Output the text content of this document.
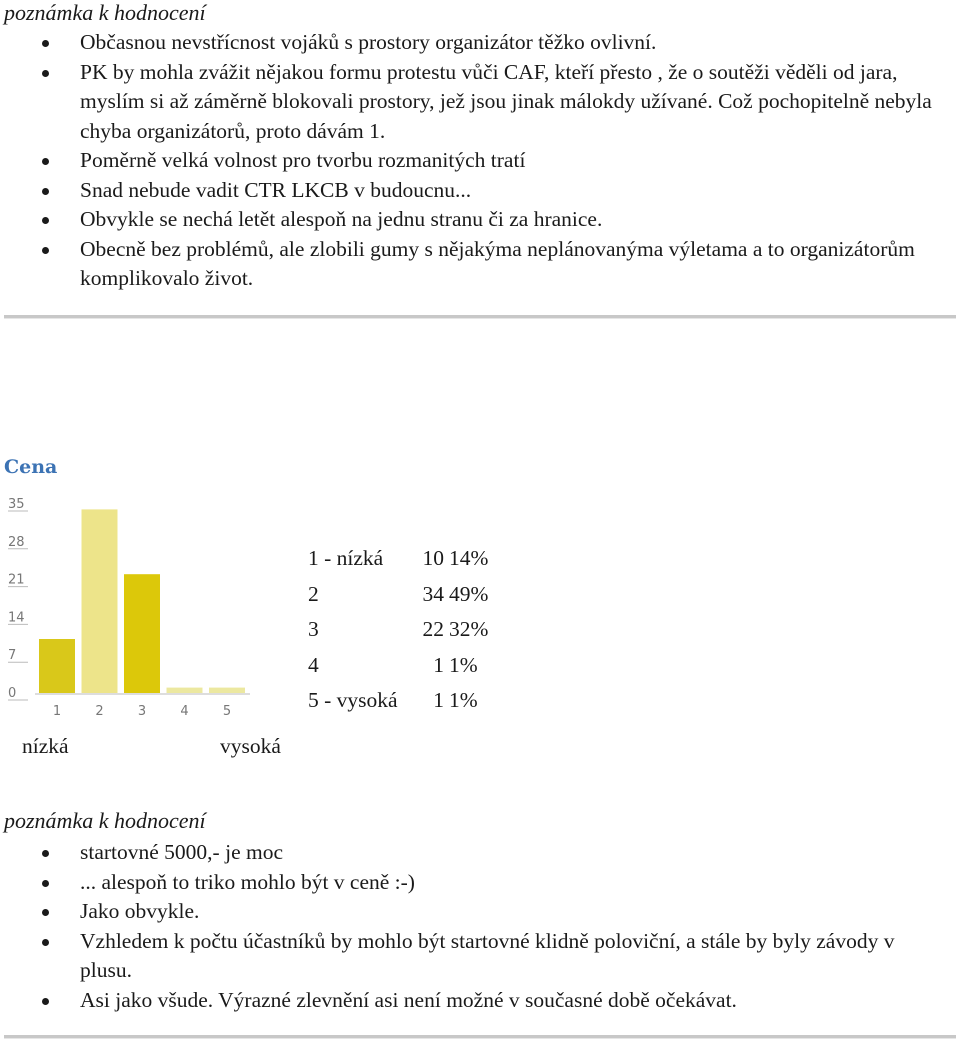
poznámka k hodnocení
Občasnou nevstřícnost vojáků s prostory organizátor těžko ovlivní.
PK by mohla zvážit nějakou formu protestu vůči CAF, kteří přesto , že o soutěži věděli od jara, myslím si až záměrně blokovali prostory, jež jsou jinak málokdy užívané. Což pochopitelně nebyla chyba organizátorů, proto dávám 1.
Poměrně velká volnost pro tvorbu rozmanitých tratí
Snad nebude vadit CTR LKCB v budoucnu...
Obvykle se nechá letět alespoň na jednu stranu či za hranice.
Obecně bez problémů, ale zlobili gumy s nějakýma neplánovanýma výletama a to organizátorům komplikovalo život.
Cena
0
7
14
21
28
35
1	2	3	4	5
1 - nízká	10	14%
2	34	49%
3	22	32%
4	1	1%
5 - vysoká	1	1%
nízká	vysoká
poznámka k hodnocení
startovné 5000,- je moc
... alespoň to triko mohlo být v ceně :-)
Jako obvykle.
Vzhledem k počtu účastníků by mohlo být startovné klidně poloviční, a stále by byly závody v plusu.
Asi jako všude. Výrazné zlevnění asi není možné v současné době očekávat.
